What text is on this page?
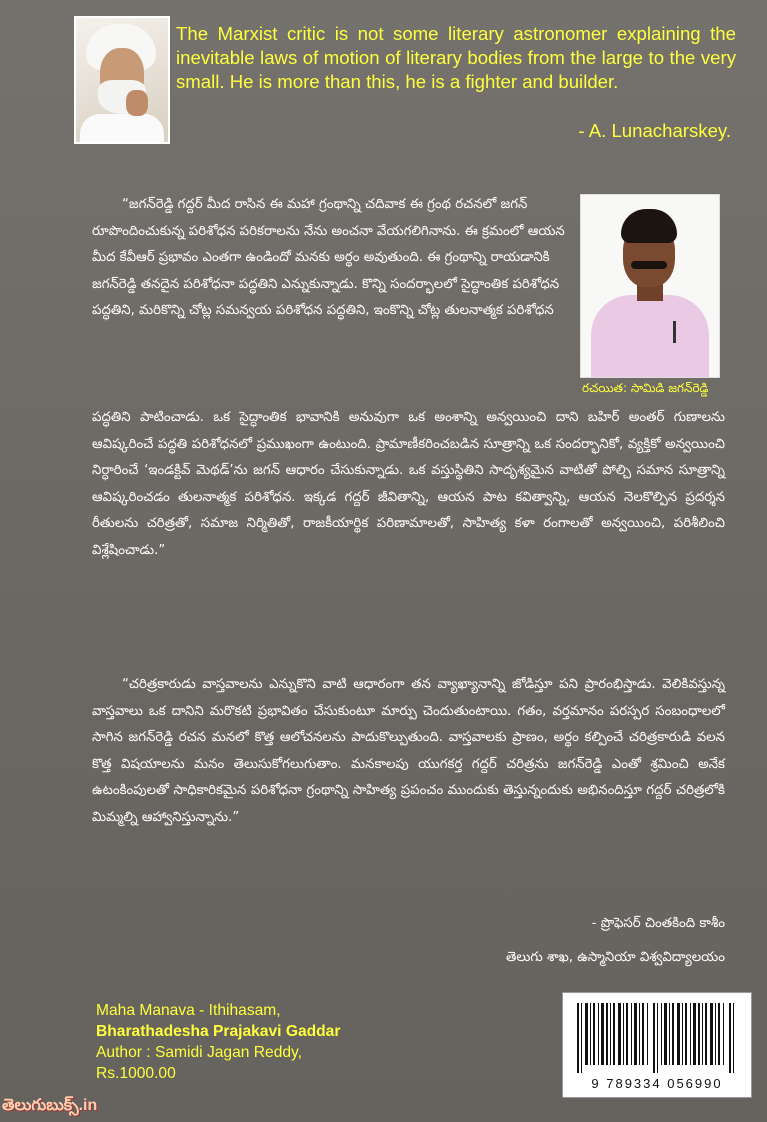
The Marxist critic is not some literary astronomer explaining the inevitable laws of motion of literary bodies from the large to the very small. He is more than this, he is a fighter and builder.
- A. Lunacharskey.
రచయిత: సామిడి జగన్‌రెడ్డి
“జగన్‌రెడ్డి గద్దర్ మీద రాసిన ఈ మహా గ్రంథాన్ని చదివాక ఈ గ్రంథ రచనలో జగన్ రూపొందించుకున్న పరిశోధన పరికరాలను నేను అంచనా వేయగలిగినాను. ఈ క్రమంలో ఆయన మీద కేవీఆర్ ప్రభావం ఎంతగా ఉండిందో మనకు అర్థం అవుతుంది. ఈ గ్రంథాన్ని రాయడానికి జగన్‌రెడ్డి తనదైన పరిశోధనా పద్ధతిని ఎన్నుకున్నాడు. కొన్ని సందర్భాలలో సైద్ధాంతిక పరిశోధన పద్ధతిని, మరికొన్ని చోట్ల సమన్వయ పరిశోధన పద్ధతిని, ఇంకొన్ని చోట్ల తులనాత్మక పరిశోధన
పద్ధతిని పాటించాడు. ఒక సైద్ధాంతిక భావానికి అనువుగా ఒక అంశాన్ని అన్వయించి దాని బహిర్ అంతర్ గుణాలను ఆవిష్కరించే పద్ధతి పరిశోధనలో ప్రముఖంగా ఉంటుంది. ప్రామాణీకరించబడిన సూత్రాన్ని ఒక సందర్భానికో, వ్యక్తికో అన్వయించి నిర్ధారించే ‘ఇండక్టివ్ మెథడ్’ను జగన్ ఆధారం చేసుకున్నాడు. ఒక వస్తుస్థితిని సాదృశ్యమైన వాటితో పోల్చి సమాన సూత్రాన్ని ఆవిష్కరించడం తులనాత్మక పరిశోధన. ఇక్కడ గద్దర్ జీవితాన్ని, ఆయన పాట కవిత్వాన్ని, ఆయన నెలకొల్పిన ప్రదర్శన రీతులను చరిత్రతో, సమాజ నిర్మితితో, రాజకీయార్థిక పరిణామాలతో, సాహిత్య కళా రంగాలతో అన్వయించి, పరిశీలించి విశ్లేషించాడు.”
“చరిత్రకారుడు వాస్తవాలను ఎన్నుకొని వాటి ఆధారంగా తన వ్యాఖ్యానాన్ని జోడిస్తూ పని ప్రారంభిస్తాడు. వెలికివస్తున్న వాస్తవాలు ఒక దానిని మరొకటి ప్రభావితం చేసుకుంటూ మార్పు చెందుతుంటాయి. గతం, వర్తమానం పరస్పర సంబంధాలలో సాగిన జగన్‌రెడ్డి రచన మనలో కొత్త ఆలోచనలను పాదుకొల్పుతుంది. వాస్తవాలకు ప్రాణం, అర్థం కల్పించే చరిత్రకారుడి వలన కొత్త విషయాలను మనం తెలుసుకోగలుగుతాం. మనకాలపు యుగకర్త గద్దర్ చరిత్రను జగన్‌రెడ్డి ఎంతో శ్రమించి అనేక ఉటంకింపులతో సాధికారికమైన పరిశోధనా గ్రంథాన్ని సాహిత్య ప్రపంచం ముందుకు తెస్తున్నందుకు అభినందిస్తూ గద్దర్ చరిత్రలోకి మిమ్మల్ని ఆహ్వానిస్తున్నాను.”
- ప్రొఫెసర్ చింతకింది కాశీం
తెలుగు శాఖ, ఉస్మానియా విశ్వవిద్యాలయం
Maha Manava - Ithihasam,
Bharathadesha Prajakavi Gaddar
Author : Samidi Jagan Reddy,
Rs.1000.00
9 789334 056990
తెలుగుబుక్స్.in
